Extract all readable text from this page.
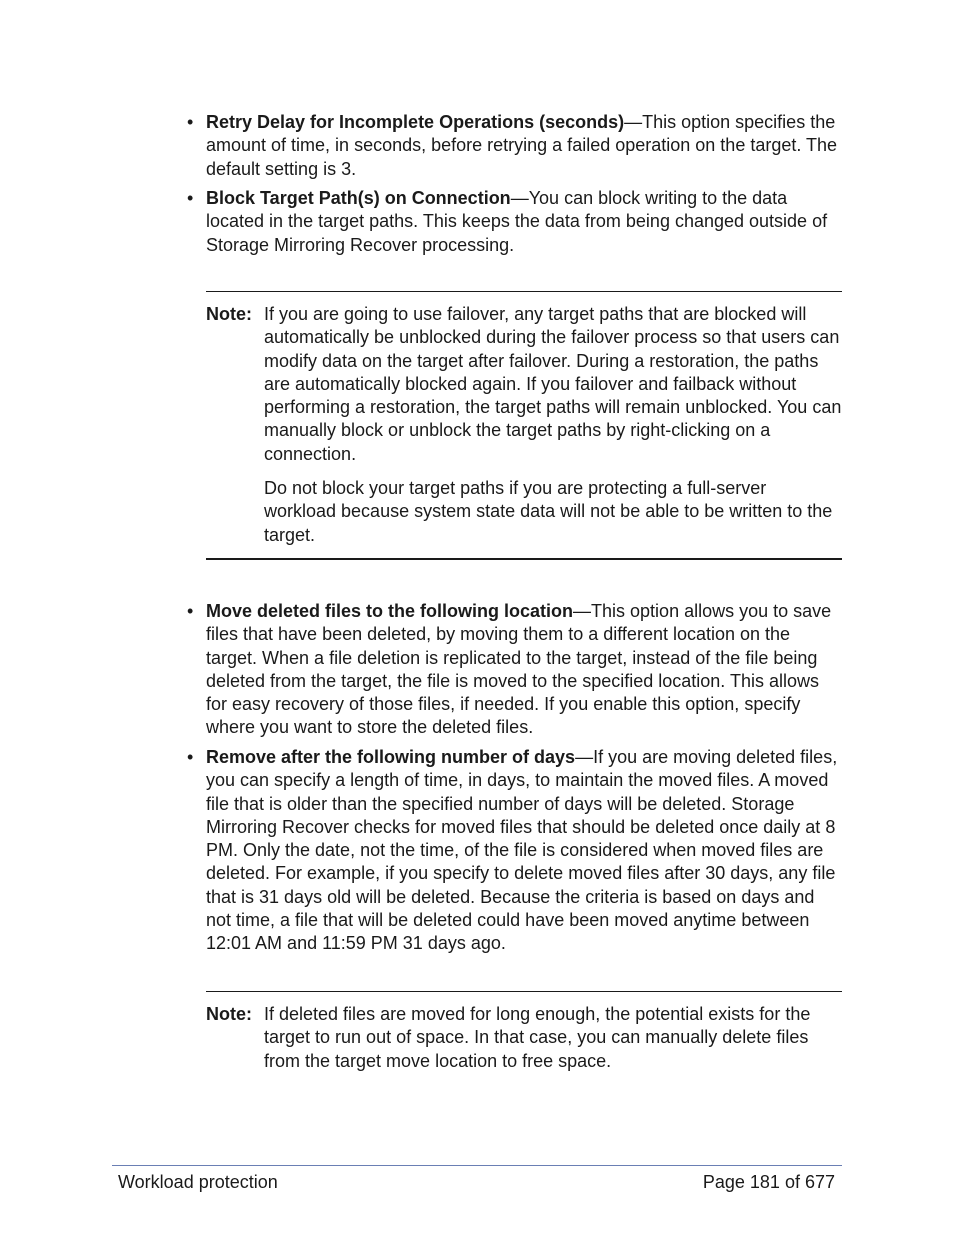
• Retry Delay for Incomplete Operations (seconds)—This option specifies the amount of time, in seconds, before retrying a failed operation on the target. The default setting is 3.
• Block Target Path(s) on Connection—You can block writing to the data located in the target paths. This keeps the data from being changed outside of Storage Mirroring Recover processing.
Note: If you are going to use failover, any target paths that are blocked will automatically be unblocked during the failover process so that users can modify data on the target after failover. During a restoration, the paths are automatically blocked again. If you failover and failback without performing a restoration, the target paths will remain unblocked. You can manually block or unblock the target paths by right-clicking on a connection.

Do not block your target paths if you are protecting a full-server workload because system state data will not be able to be written to the target.

• Move deleted files to the following location—This option allows you to save files that have been deleted, by moving them to a different location on the target. When a file deletion is replicated to the target, instead of the file being deleted from the target, the file is moved to the specified location. This allows for easy recovery of those files, if needed. If you enable this option, specify where you want to store the deleted files.
• Remove after the following number of days—If you are moving deleted files, you can specify a length of time, in days, to maintain the moved files. A moved file that is older than the specified number of days will be deleted. Storage Mirroring Recover checks for moved files that should be deleted once daily at 8 PM. Only the date, not the time, of the file is considered when moved files are deleted. For example, if you specify to delete moved files after 30 days, any file that is 31 days old will be deleted. Because the criteria is based on days and not time, a file that will be deleted could have been moved anytime between 12:01 AM and 11:59 PM 31 days ago.
Note: If deleted files are moved for long enough, the potential exists for the target to run out of space. In that case, you can manually delete files from the target move location to free space.

Workload protection	Page 181 of 677
